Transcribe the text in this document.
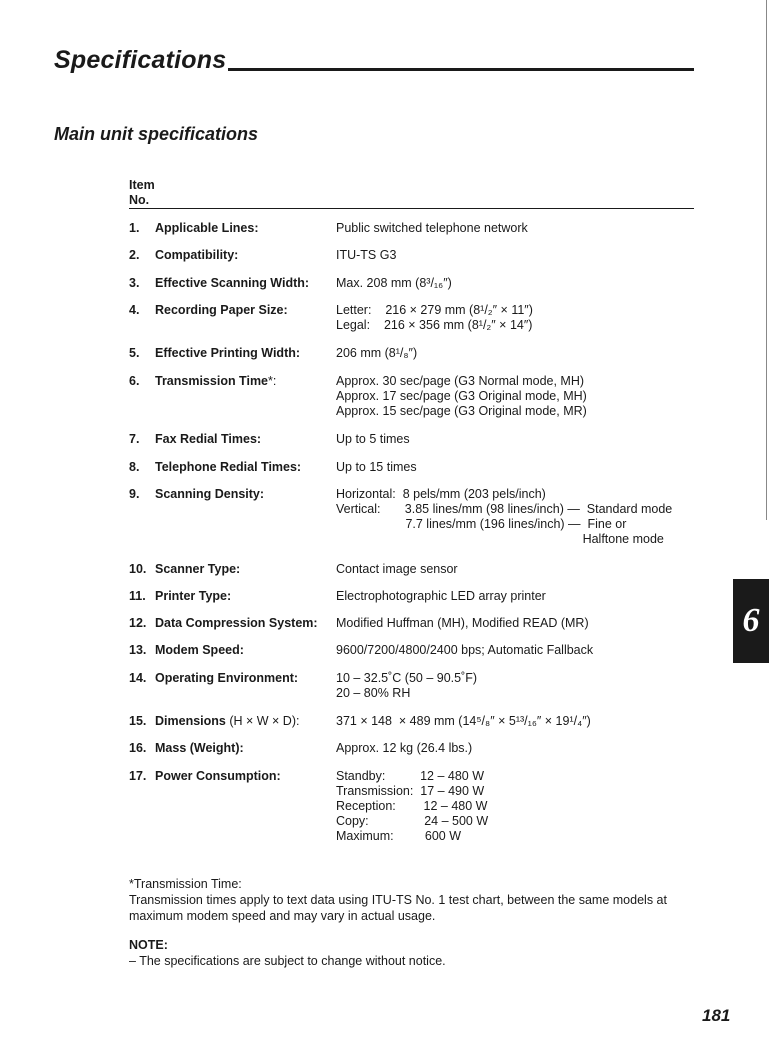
Specifications
Main unit specifications
Item
No.
1. Applicable Lines:	Public switched telephone network
2. Compatibility:	ITU-TS G3
3. Effective Scanning Width: Max. 208 mm (8³/₁₆″)
4. Recording Paper Size:	Letter:    216 × 279 mm (8¹/₂″ × 11″)
Legal:    216 × 356 mm (8¹/₂″ × 14″)
5. Effective Printing Width:	206 mm (8¹/₈″)
6. Transmission Time*:	Approx. 30 sec/page (G3 Normal mode, MH)
Approx. 17 sec/page (G3 Original mode, MH)
Approx. 15 sec/page (G3 Original mode, MR)
7. Fax Redial Times:	Up to 5 times
8. Telephone Redial Times:	Up to 15 times
9. Scanning Density:	Horizontal:  8 pels/mm (203 pels/inch)
Vertical:       3.85 lines/mm (98 lines/inch) —  Standard mode
7.7 lines/mm (196 lines/inch) —  Fine or
Halftone mode
10. Scanner Type:	Contact image sensor
11. Printer Type:	Electrophotographic LED array printer
12. Data Compression System: Modified Huffman (MH), Modified READ (MR)
13. Modem Speed:	9600/7200/4800/2400 bps; Automatic Fallback
14. Operating Environment:	10 – 32.5˚C (50 – 90.5˚F)
20 – 80% RH
15. Dimensions (H × W × D):	371 × 148  × 489 mm (14⁵/₈″ × 5¹³/₁₆″ × 19¹/₄″)
16. Mass (Weight):	Approx. 12 kg (26.4 lbs.)
17. Power Consumption:	Standby:          12 – 480 W
Transmission:  17 – 490 W
Reception:        12 – 480 W
Copy:                24 – 500 W
Maximum:         600 W
*Transmission Time:
Transmission times apply to text data using ITU-TS No. 1 test chart, between the same models at maximum modem speed and may vary in actual usage.
NOTE:
– The specifications are subject to change without notice.
6
181
